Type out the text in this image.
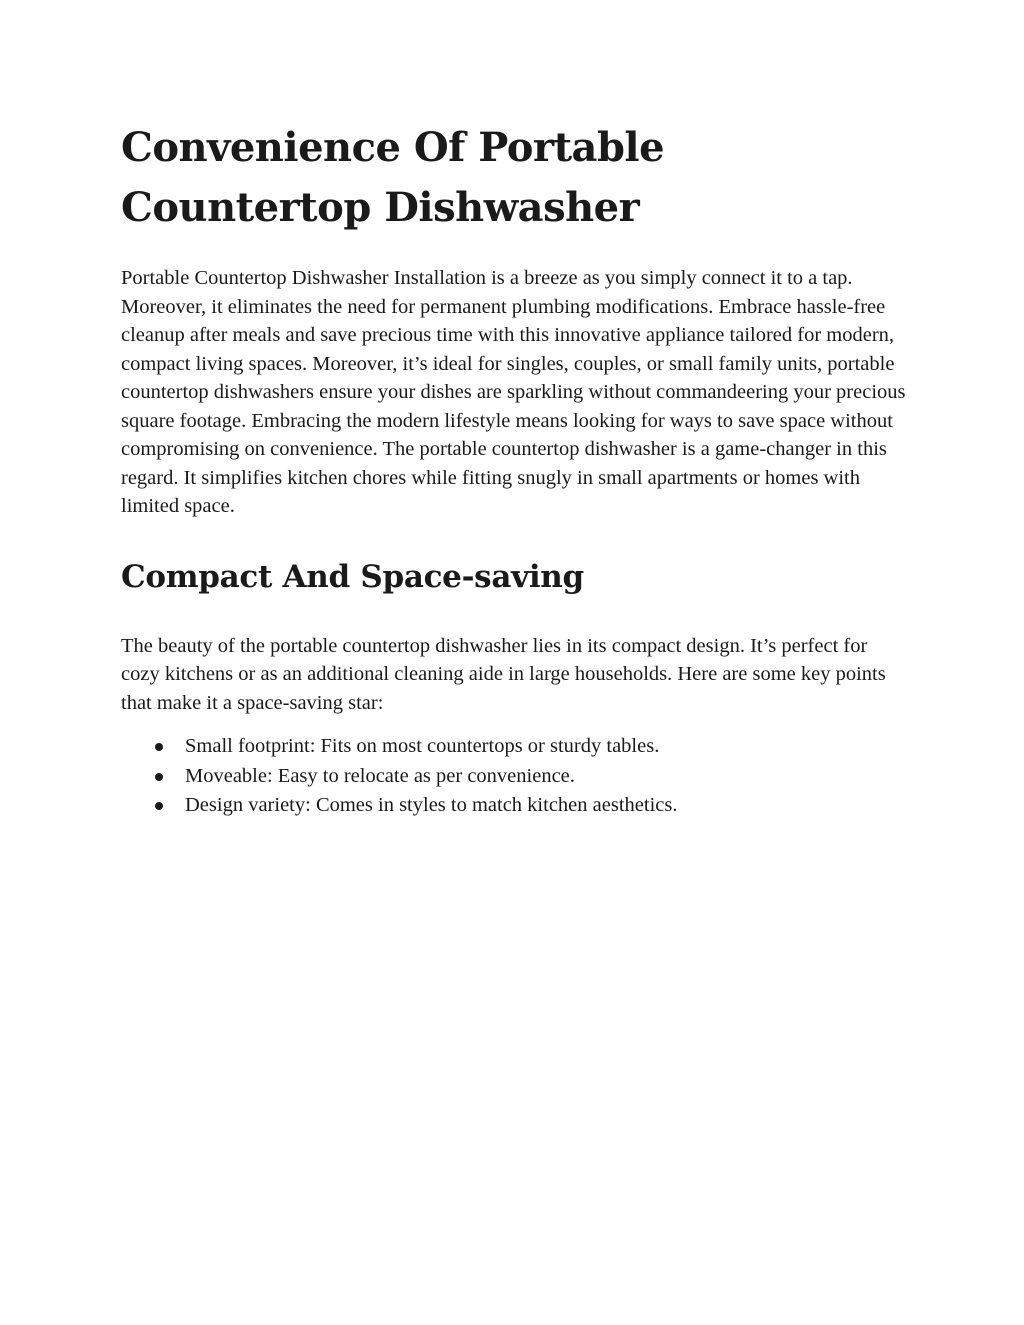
Convenience Of Portable Countertop Dishwasher

Portable Countertop Dishwasher Installation is a breeze as you simply connect it to a tap. Moreover, it eliminates the need for permanent plumbing modifications. Embrace hassle-free cleanup after meals and save precious time with this innovative appliance tailored for modern, compact living spaces. Moreover, it’s ideal for singles, couples, or small family units, portable countertop dishwashers ensure your dishes are sparkling without commandeering your precious square footage. Embracing the modern lifestyle means looking for ways to save space without compromising on convenience. The portable countertop dishwasher is a game-changer in this regard. It simplifies kitchen chores while fitting snugly in small apartments or homes with limited space.

Compact And Space-saving

The beauty of the portable countertop dishwasher lies in its compact design. It’s perfect for cozy kitchens or as an additional cleaning aide in large households. Here are some key points that make it a space-saving star:

Small footprint: Fits on most countertops or sturdy tables.
Moveable: Easy to relocate as per convenience.
Design variety: Comes in styles to match kitchen aesthetics.
